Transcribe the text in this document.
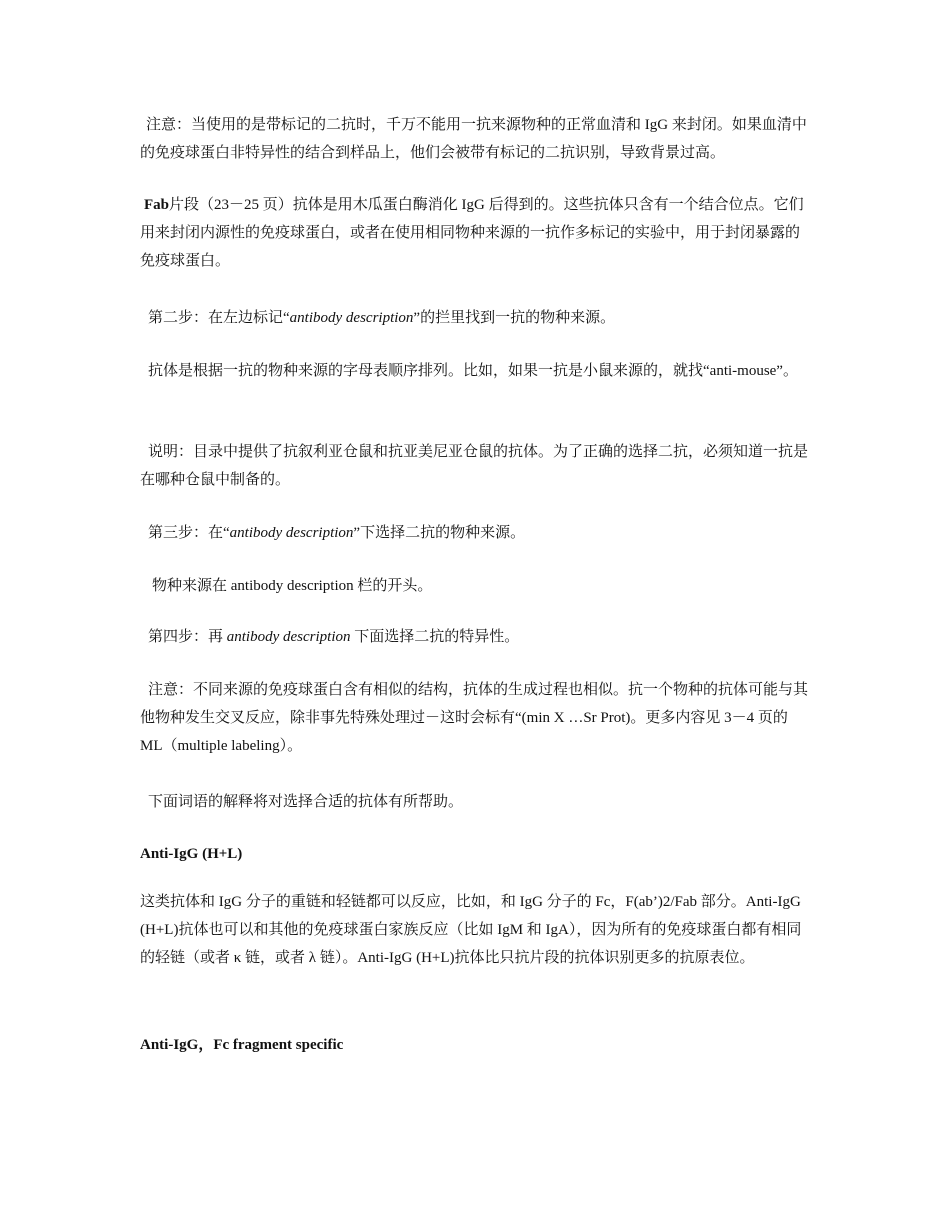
注意：当使用的是带标记的二抗时，千万不能用一抗来源物种的正常血清和 IgG 来封闭。如果血清中的免疫球蛋白非特异性的结合到样品上，他们会被带有标记的二抗识别，导致背景过高。

Fab片段（23－25 页）抗体是用木瓜蛋白酶消化 IgG 后得到的。这些抗体只含有一个结合位点。它们用来封闭内源性的免疫球蛋白，或者在使用相同物种来源的一抗作多标记的实验中，用于封闭暴露的免疫球蛋白。

第二步：在左边标记“antibody description”的拦里找到一抗的物种来源。

抗体是根据一抗的物种来源的字母表顺序排列。比如，如果一抗是小鼠来源的，就找“anti-mouse”。

说明：目录中提供了抗叙利亚仓鼠和抗亚美尼亚仓鼠的抗体。为了正确的选择二抗，必须知道一抗是在哪种仓鼠中制备的。

第三步：在“antibody description”下选择二抗的物种来源。

物种来源在 antibody description 栏的开头。

第四步：再 antibody description 下面选择二抗的特异性。

注意：不同来源的免疫球蛋白含有相似的结构，抗体的生成过程也相似。抗一个物种的抗体可能与其他物种发生交叉反应，除非事先特殊处理过－这时会标有“(min X …Sr Prot)。更多内容见 3－4 页的 ML（multiple labeling）。

下面词语的解释将对选择合适的抗体有所帮助。

Anti-IgG (H+L)

这类抗体和 IgG 分子的重链和轻链都可以反应，比如，和 IgG 分子的 Fc，F(ab’)2/Fab 部分。Anti-IgG (H+L)抗体也可以和其他的免疫球蛋白家族反应（比如 IgM 和 IgA），因为所有的免疫球蛋白都有相同的轻链（或者 κ 链，或者 λ 链）。Anti-IgG (H+L)抗体比只抗片段的抗体识别更多的抗原表位。

Anti-IgG，Fc fragment specific
